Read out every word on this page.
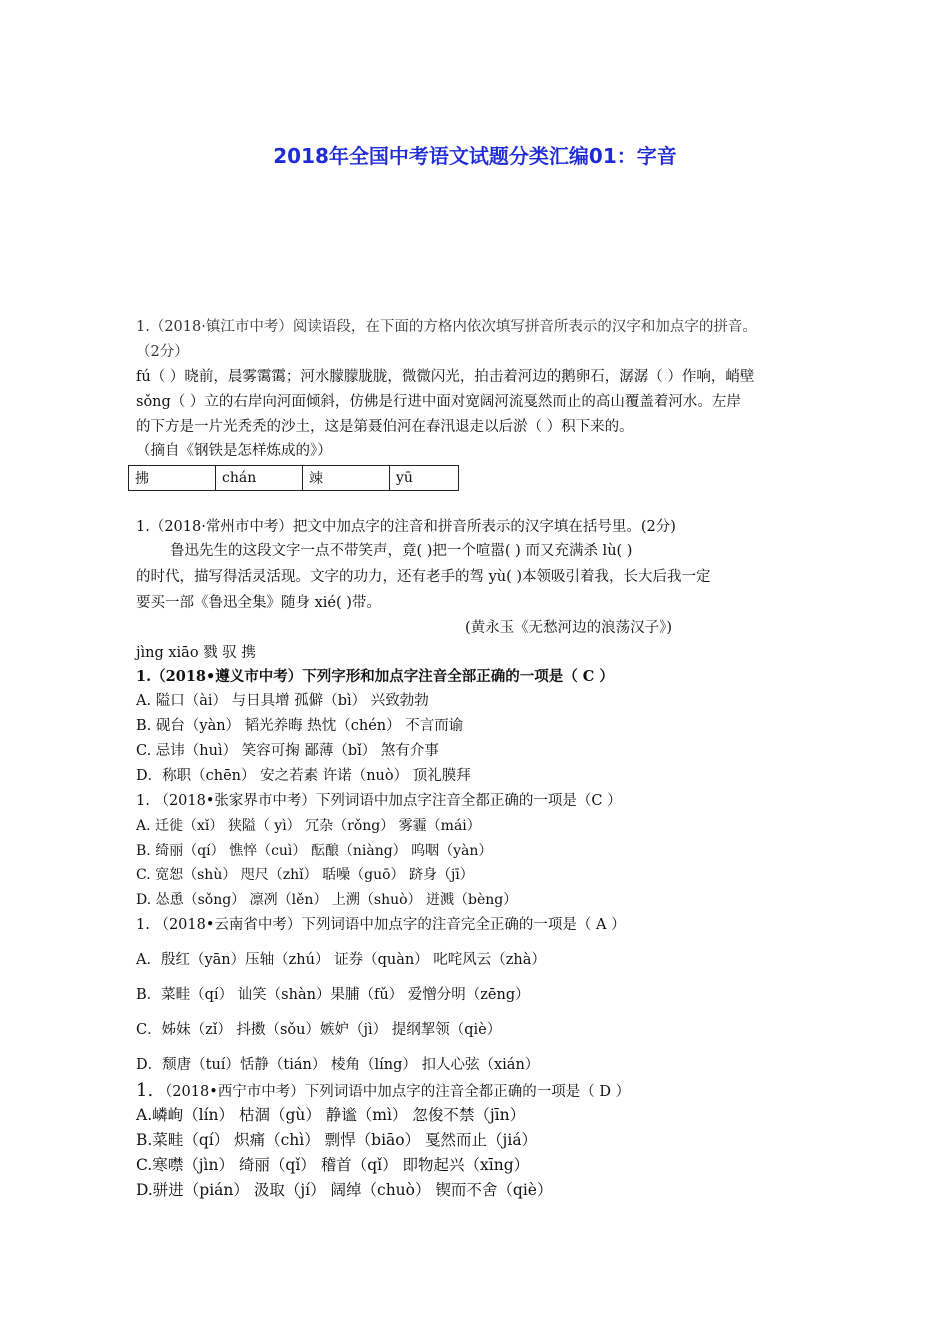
2018年全国中考语文试题分类汇编01：字音
1.（2018·镇江市中考）阅读语段，在下面的方格内依次填写拼音所表示的汉字和加点字的拼音。
（2分）
fú（ ）晓前，晨雾霭霭；河水朦朦胧胧，微微闪光，拍击着河边的鹅卵石，潺潺（ ）作响，峭壁
sǒng（ ）立的右岸向河面倾斜，仿佛是行进中面对宽阔河流戛然而止的高山覆盖着河水。左岸
的下方是一片光秃秃的沙土，这是第聂伯河在春汛退走以后淤（ ）积下来的。
（摘自《钢铁是怎样炼成的》）
拂	chán	竦	yū
1.（2018·常州市中考）把文中加点字的注音和拼音所表示的汉字填在括号里。(2分)
鲁迅先生的这段文字一点不带笑声，竟( )把一个喧嚣( ) 而又充满杀 lù( )
的时代，描写得活灵活现。文字的功力，还有老手的驾 yù( )本领吸引着我，长大后我一定
要买一部《鲁迅全集》随身 xié( )带。
(黄永玉《无愁河边的浪荡汉子》)
jìng xiāo 戮 驭 携
1.（2018•遵义市中考）下列字形和加点字注音全部正确的一项是（ C ）
A. 隘口（ài） 与日具增 孤僻（bì） 兴致勃勃
B. 砚台（yàn） 韬光养晦 热忱（chén） 不言而谕
C. 忌讳（huì） 笑容可掬 鄙薄（bǐ） 煞有介事
D．称职（chēn） 安之若素 许诺（nuò） 顶礼膜拜
1. （2018•张家界市中考）下列词语中加点字注音全都正确的一项是（C ）
A. 迁徙（xǐ） 狭隘（ yì） 冗杂（rǒng） 雾霾（mái）
B. 绮丽（qí） 憔悴（cuì） 酝酿（niàng） 呜咽（yàn）
C. 宽恕（shù） 咫尺（zhǐ） 聒噪（guō） 跻身（jī）
D. 怂恿（sǒng） 凛冽（lěn） 上溯（shuò） 迸溅（bèng）
1. （2018•云南省中考）下列词语中加点字的注音完全正确的一项是（ A ）
A．殷红（yān）压轴（zhú） 证券（quàn） 叱咤风云（zhà）
B．菜畦（qí） 讪笑（shàn）果脯（fǔ） 爱憎分明（zēng）
C．姊妹（zǐ） 抖擞（sǒu）嫉妒（jì） 提纲挈领（qiè）
D．颓唐（tuí）恬静（tián） 棱角（líng） 扣人心弦（xián）
1. （2018•西宁市中考）下列词语中加点字的注音全都正确的一项是（ D ）
A.嶙峋（lín） 枯涸（gù） 静谧（mì） 忽俊不禁（jīn）
B.菜畦（qí） 炽痛（chì） 剽悍（biāo） 戛然而止（jiá）
C.寒噤（jìn） 绮丽（qǐ） 稽首（qǐ） 即物起兴（xīng）
D.骈进（pián） 汲取（jí） 阔绰（chuò） 锲而不舍（qiè）
